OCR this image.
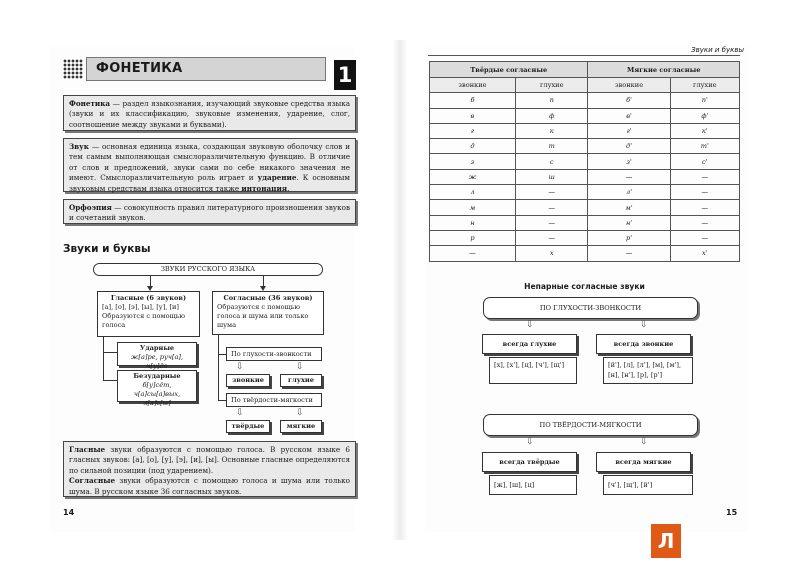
ФОНЕТИКА	1
Фонетика — раздел языкознания, изучающий звуковые средства языка (звуки и их классификацию, звуковые изменения, ударение, слог, соотношение между звуками и буквами).
Звук — основная единица языка, создающая звуковую оболочку слов и тем самым выполняющая смыслоразличительную функцию. В отличие от слов и предложений, звуки сами по себе никакого значения не имеют. Смыслоразличительную роль играет и ударение. К основным звуковым средствам языка относится также интонация.
Орфоэпия — совокупность правил литературного произношения звуков и сочетаний звуков.
Звуки и буквы
ЗВУКИ РУССКОГО ЯЗЫКА
Гласные (6 звуков)
[а], [о], [э], [ы], [у], [и]
Образуются с помощью голоса
Ударные
ж[а]ре, руч[а], ч[у]до
Безударные
б[у]сёт, ч[а]сы[а]вых, л[а]с[ы]
Согласные (36 звуков)
Образуются с помощью голоса и шума или только шума
По глухости-звонкости
⇩	⇩
звонкие	глухие
По твёрдости-мягкости
⇩	⇩
твёрдые	мягкие
Гласные звуки образуются с помощью голоса. В русском языке 6 гласных звуков: [а], [о], [у], [э], [и], [ы]. Основные гласные определяются по сильной позиции (под ударением).
Согласные звуки образуются с помощью голоса и шума или только шума. В русском языке 36 согласных звуков.
14	15
Звуки и буквы
Твёрдые согласные		Мягкие согласные	
звонкие	глухие	звонкие	глухие
б	п	б'	п'
в	ф	в'	ф'
г	к	г'	к'
д	т	д'	т'
з	с	з'	с'
ж	ш	—	—
л	—	л'	—
м	—	м'	—
н	—	н'	—
р	—	р'	—
—	х	—	х'
Непарные согласные звуки
ПО ГЛУХОСТИ-ЗВОНКОСТИ
⇩	⇩
всегда глухие
[х], [х'], [ц], [ч'], [щ']
всегда звонкие
[й'], [л], [л'], [м], [м'], [н], [н'], [р], [р']
ПО ТВЁРДОСТИ-МЯГКОСТИ
⇩	⇩
всегда твёрдые
[ж], [ш], [ц]
всегда мягкие
[ч'], [щ'], [й']
Л
